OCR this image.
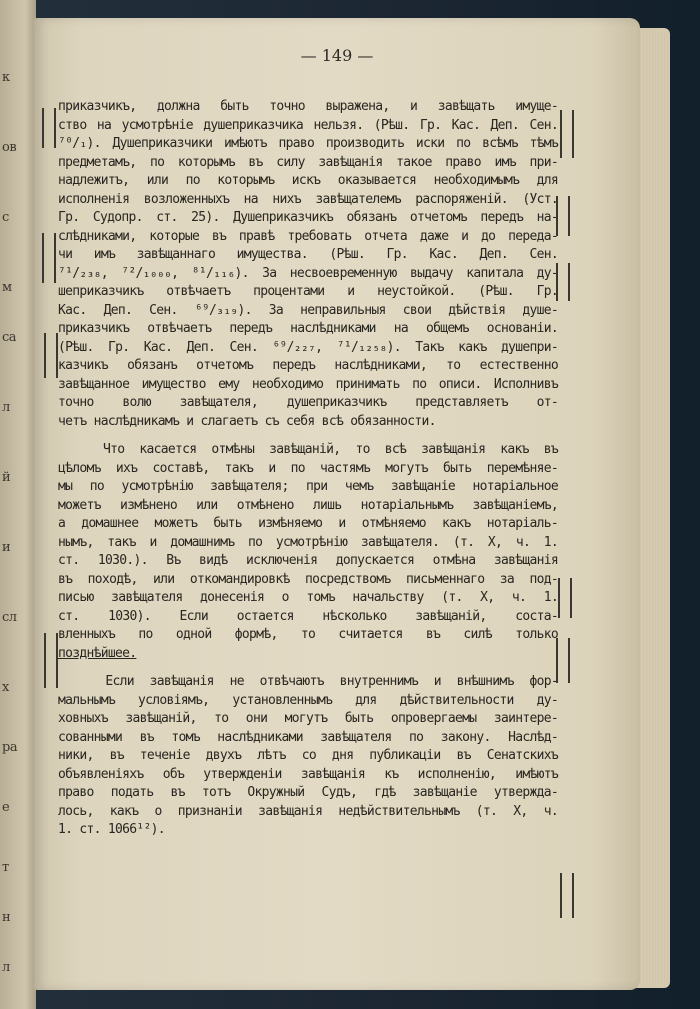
к
ов
с
м
са
л
й
и
сл
х
ра
е
т
н
л
— 149 —
приказчикъ, должна быть точно выражена, и завѣщать имуще-
ство на усмотрѣніе душеприказчика нельзя. (Рѣш. Гр. Кас. Деп. Сен.
⁷⁰/₁). Душеприказчики имѣютъ право производить иски по всѣмъ тѣмъ
предметамъ, по которымъ въ силу завѣщанія такое право имъ при-
надлежитъ, или по которымъ искъ оказывается необходимымъ для
исполненія возложенныхъ на нихъ завѣщателемъ распоряженій. (Уст.
Гр. Судопр. ст. 25). Душеприказчикъ обязанъ отчетомъ передъ на-
слѣдниками, которые въ правѣ требовать отчета даже и до переда-
чи имъ завѣщаннаго имущества. (Рѣш. Гр. Кас. Деп. Сен.
⁷¹/₂₃₈, ⁷²/₁₀₀₀, ⁸¹/₁₁₆). За несвоевременную выдачу капитала ду-
шеприказчикъ отвѣчаетъ процентами и неустойкой. (Рѣш. Гр.
Кас. Деп. Сен. ⁶⁹/₃₁₉). За неправильныя свои дѣйствія душе-
приказчикъ отвѣчаетъ передъ наслѣдниками на общемъ основаніи.
(Рѣш. Гр. Кас. Деп. Сен. ⁶⁹/₂₂₇, ⁷¹/₁₂₅₈). Такъ какъ душепри-
казчикъ обязанъ отчетомъ передъ наслѣдниками, то естественно
завѣщанное имущество ему необходимо принимать по описи. Исполнивъ
точно волю завѣщателя, душеприказчикъ представляетъ от-
четъ наслѣдникамъ и слагаетъ съ себя всѣ обязанности.
Что касается отмѣны завѣщаній, то всѣ завѣщанія какъ въ
цѣломъ ихъ составѣ, такъ и по частямъ могутъ быть перемѣняе-
мы по усмотрѣнію завѣщателя; при чемъ завѣщаніе нотаріальное
можетъ измѣнено или отмѣнено лишь нотаріальнымъ завѣщаніемъ,
а домашнее можетъ быть измѣняемо и отмѣняемо какъ нотаріаль-
нымъ, такъ и домашнимъ по усмотрѣнію завѣщателя. (т. X, ч. 1.
ст. 1030.). Въ видѣ исключенія допускается отмѣна завѣщанія
въ походѣ, или откомандировкѣ посредствомъ письменнаго за под-
писью завѣщателя донесенія о томъ начальству (т. X, ч. 1.
ст. 1030). Если остается нѣсколько завѣщаній, соста-
вленныхъ по одной формѣ, то считается въ силѣ только
позднѣйшее.
Если завѣщанія не отвѣчаютъ внутреннимъ и внѣшнимъ фор-
мальнымъ условіямъ, установленнымъ для дѣйствительности ду-
ховныхъ завѣщаній, то они могутъ быть опровергаемы заинтере-
сованными въ томъ наслѣдниками завѣщателя по закону. Наслѣд-
ники, въ теченіе двухъ лѣтъ со дня публикаціи въ Сенатскихъ
объявленіяхъ объ утвержденіи завѣщанія къ исполненію, имѣютъ
право подать въ тотъ Окружный Судъ, гдѣ завѣщаніе утвержда-
лось, какъ о признаніи завѣщанія недѣйствительнымъ (т. X, ч.
1. ст. 1066¹²).
